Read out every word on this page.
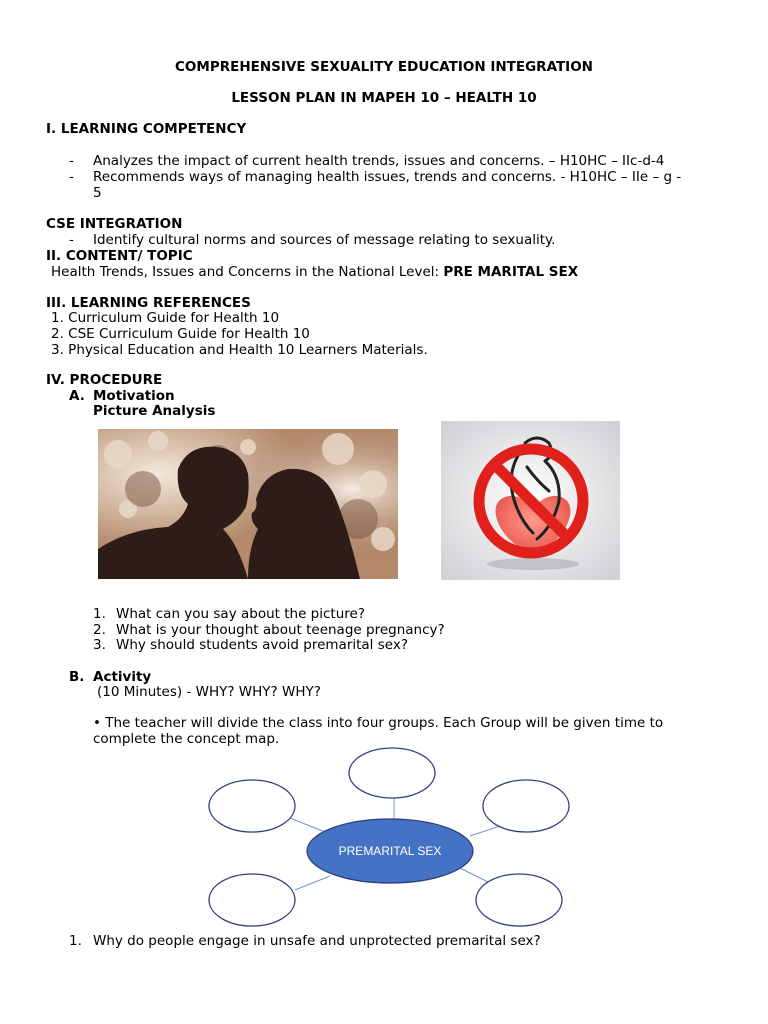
COMPREHENSIVE SEXUALITY EDUCATION INTEGRATION
LESSON PLAN IN MAPEH 10 – HEALTH 10
I. LEARNING COMPETENCY
-	Analyzes the impact of current health trends, issues and concerns. – H10HC – IIc-d-4
-	Recommends ways of managing health issues, trends and concerns. - H10HC – IIe – g -
5
CSE INTEGRATION
-	Identify cultural norms and sources of message relating to sexuality.
II. CONTENT/ TOPIC
Health Trends, Issues and Concerns in the National Level: PRE MARITAL SEX
III. LEARNING REFERENCES
1. Curriculum Guide for Health 10
2. CSE Curriculum Guide for Health 10
3. Physical Education and Health 10 Learners Materials.
IV. PROCEDURE
A. Motivation
Picture Analysis
1. What can you say about the picture?
2. What is your thought about teenage pregnancy?
3. Why should students avoid premarital sex?
B. Activity
(10 Minutes) - WHY? WHY? WHY?
• The teacher will divide the class into four groups. Each Group will be given time to complete the concept map.
PREMARITAL SEX
1. Why do people engage in unsafe and unprotected premarital sex?
